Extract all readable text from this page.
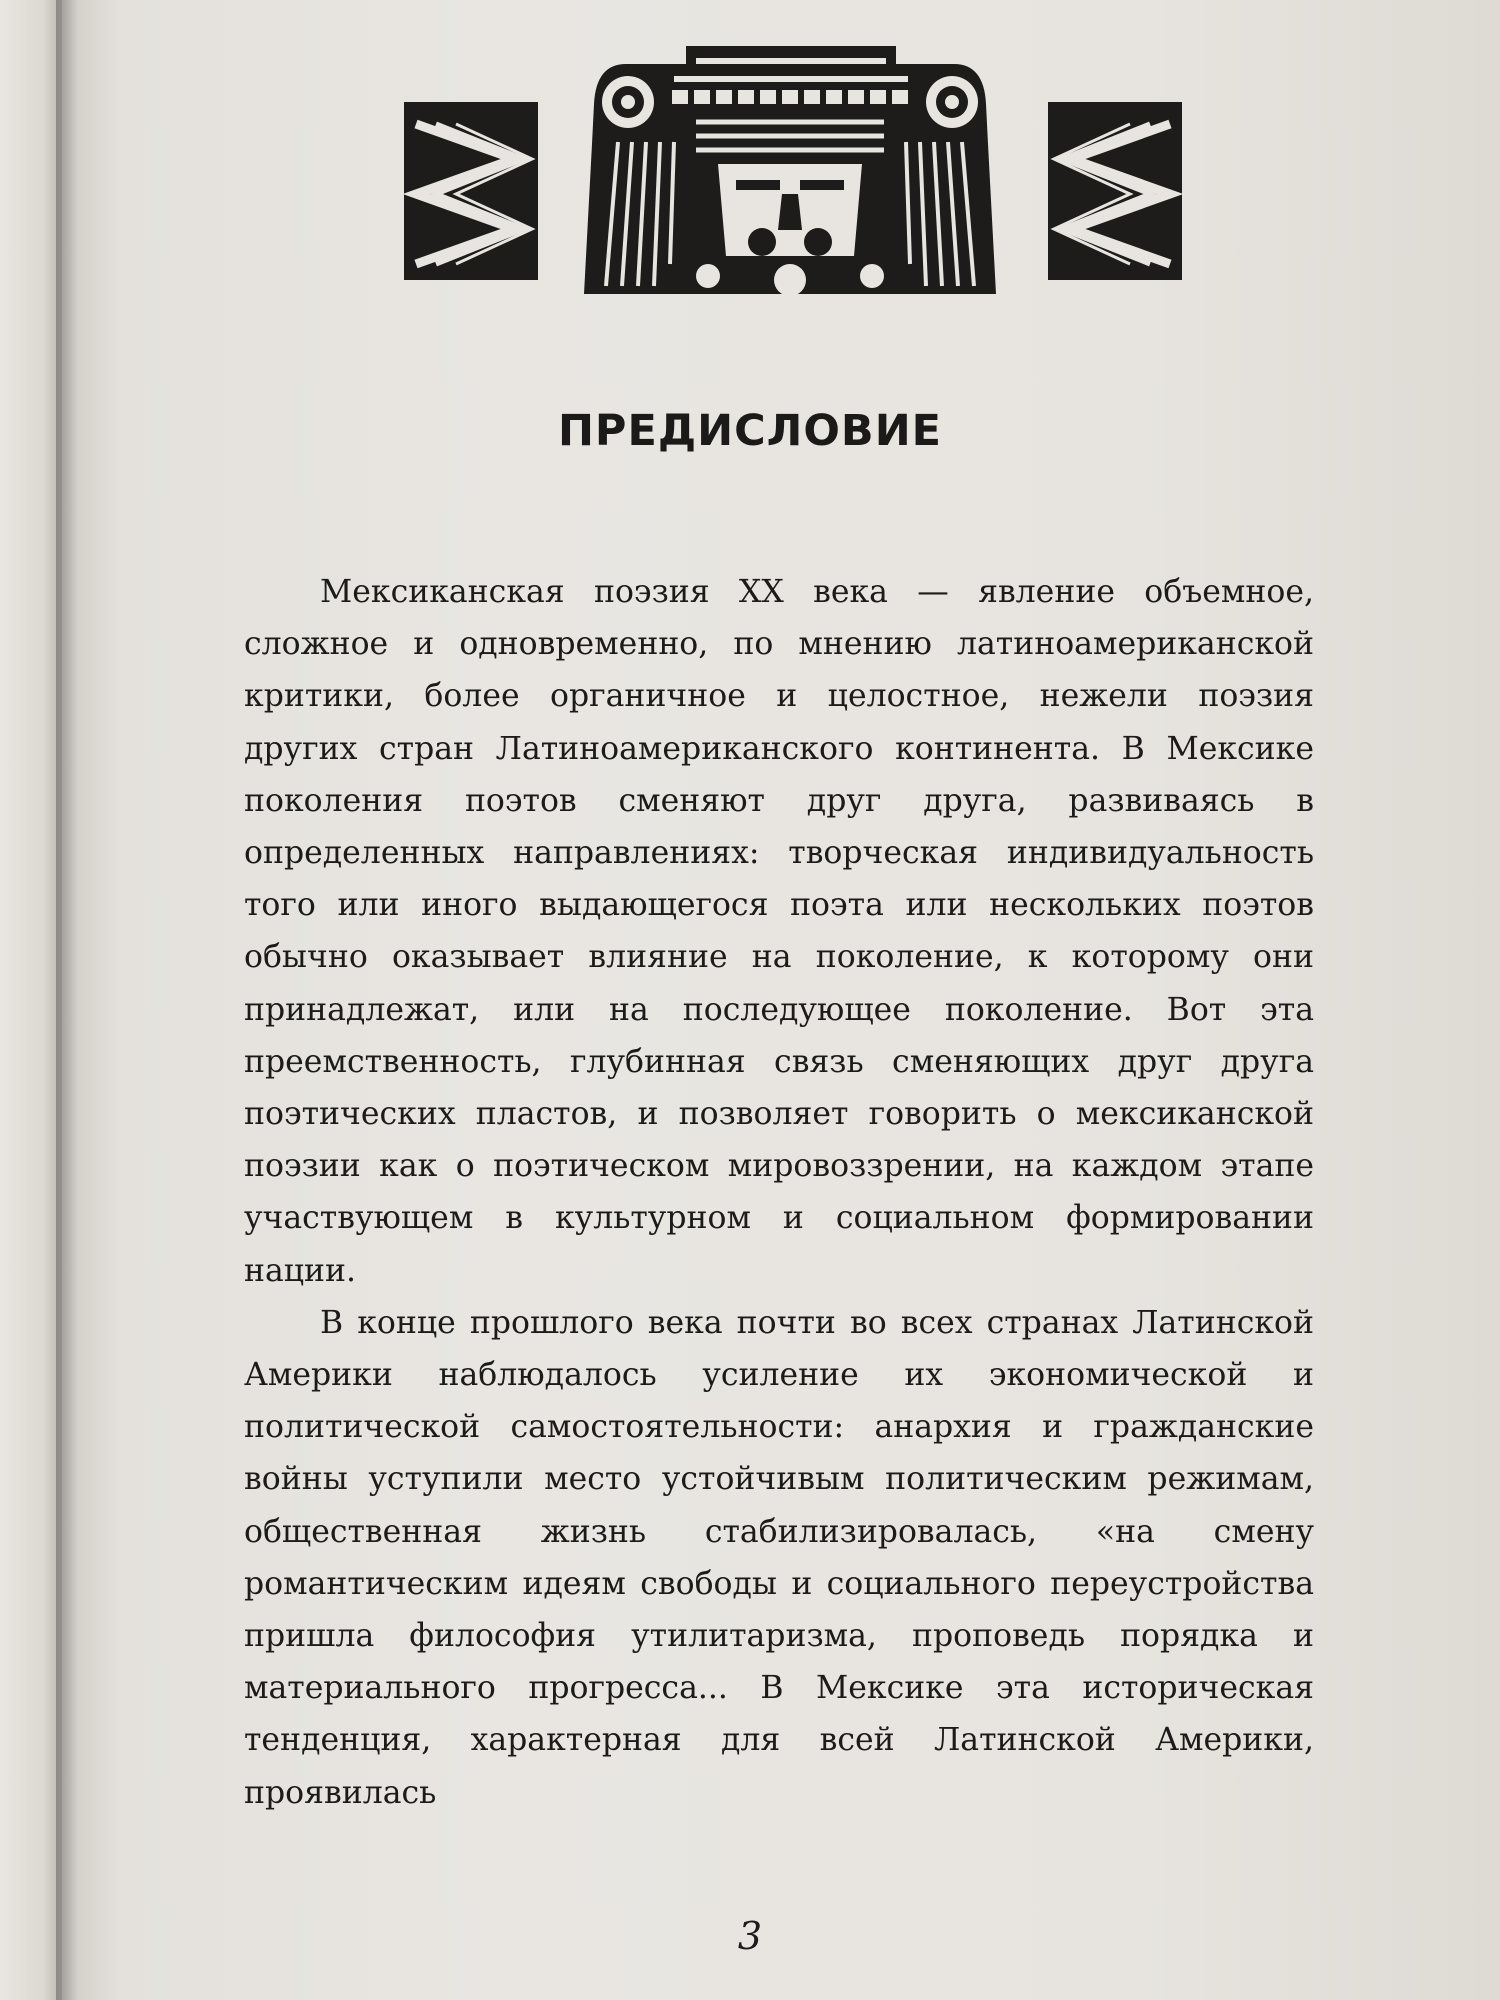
ПРЕДИСЛОВИЕ

Мексиканская поэзия XX века — явление объемное, сложное и одновременно, по мнению латиноамериканской критики, более органичное и целостное, нежели поэзия других стран Латиноамериканского континента. В Мексике поколения поэтов сменяют друг друга, развиваясь в определенных направлениях: творческая индивидуальность того или иного выдающегося поэта или нескольких поэтов обычно оказывает влияние на поколение, к которому они принадлежат, или на последующее поколение. Вот эта преемственность, глубинная связь сменяющих друг друга поэтических пластов, и позволяет говорить о мексиканской поэзии как о поэтическом мировоззрении, на каждом этапе участвующем в культурном и социальном формировании нации.

В конце прошлого века почти во всех странах Латинской Америки наблюдалось усиление их экономической и политической самостоятельности: анархия и гражданские войны уступили место устойчивым политическим режимам, общественная жизнь стабилизировалась, «на смену романтическим идеям свободы и социального переустройства пришла философия утилитаризма, проповедь порядка и материального прогресса... В Мексике эта историческая тенденция, характерная для всей Латинской Америки, проявилась

3
